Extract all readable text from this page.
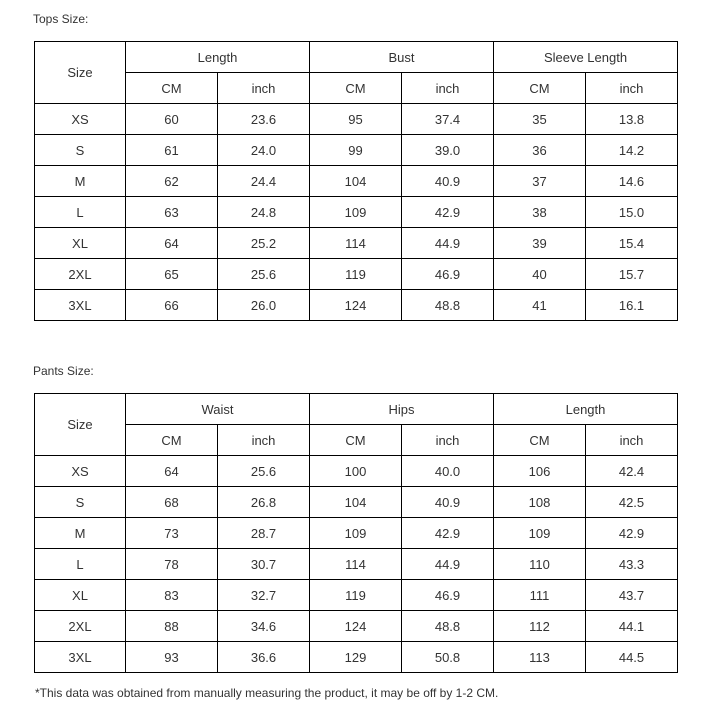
Tops Size:
Size	Length		Bust		Sleeve Length	
	CM	inch	CM	inch	CM	inch
XS	60	23.6	95	37.4	35	13.8
S	61	24.0	99	39.0	36	14.2
M	62	24.4	104	40.9	37	14.6
L	63	24.8	109	42.9	38	15.0
XL	64	25.2	114	44.9	39	15.4
2XL	65	25.6	119	46.9	40	15.7
3XL	66	26.0	124	48.8	41	16.1
Pants Size:
Size	Waist		Hips		Length	
	CM	inch	CM	inch	CM	inch
XS	64	25.6	100	40.0	106	42.4
S	68	26.8	104	40.9	108	42.5
M	73	28.7	109	42.9	109	42.9
L	78	30.7	114	44.9	110	43.3
XL	83	32.7	119	46.9	111	43.7
2XL	88	34.6	124	48.8	112	44.1
3XL	93	36.6	129	50.8	113	44.5
*This data was obtained from manually measuring the product, it may be off by 1-2 CM.
